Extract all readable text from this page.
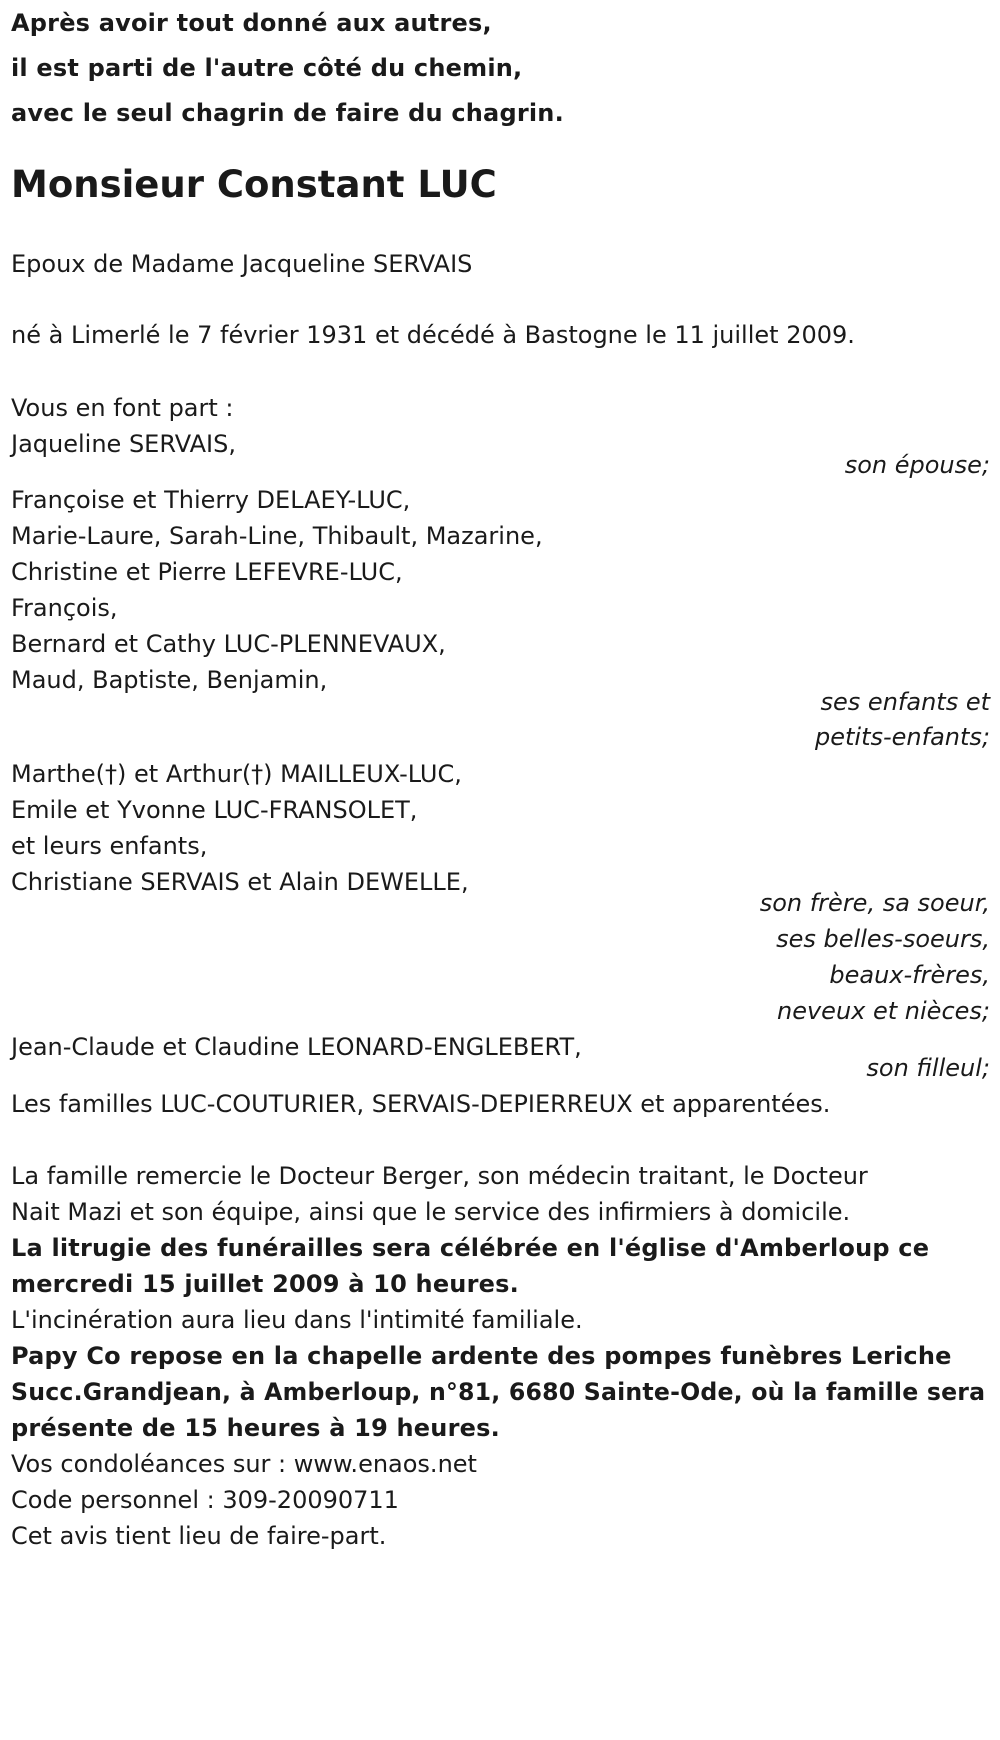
Après avoir tout donné aux autres,
il est parti de l'autre côté du chemin,
avec le seul chagrin de faire du chagrin.
Monsieur Constant LUC
Epoux de Madame Jacqueline SERVAIS
né à Limerlé le 7 février 1931 et décédé à Bastogne le 11 juillet 2009.
Vous en font part :
Jaqueline SERVAIS,
son épouse;
Françoise et Thierry DELAEY-LUC,
Marie-Laure, Sarah-Line, Thibault, Mazarine,
Christine et Pierre LEFEVRE-LUC,
François,
Bernard et Cathy LUC-PLENNEVAUX,
Maud, Baptiste, Benjamin,
ses enfants et
petits-enfants;
Marthe(†) et Arthur(†) MAILLEUX-LUC,
Emile et Yvonne LUC-FRANSOLET,
et leurs enfants,
Christiane SERVAIS et Alain DEWELLE,
son frère, sa soeur,
ses belles-soeurs,
beaux-frères,
neveux et nièces;
Jean-Claude et Claudine LEONARD-ENGLEBERT,
son filleul;
Les familles LUC-COUTURIER, SERVAIS-DEPIERREUX et apparentées.
La famille remercie le Docteur Berger, son médecin traitant, le Docteur
Nait Mazi et son équipe, ainsi que le service des infirmiers à domicile.
La litrugie des funérailles sera célébrée en l'église d'Amberloup ce
mercredi 15 juillet 2009 à 10 heures.
L'incinération aura lieu dans l'intimité familiale.
Papy Co repose en la chapelle ardente des pompes funèbres Leriche
Succ.Grandjean, à Amberloup, n°81, 6680 Sainte-Ode, où la famille sera
présente de 15 heures à 19 heures.
Vos condoléances sur : www.enaos.net
Code personnel : 309-20090711
Cet avis tient lieu de faire-part.
